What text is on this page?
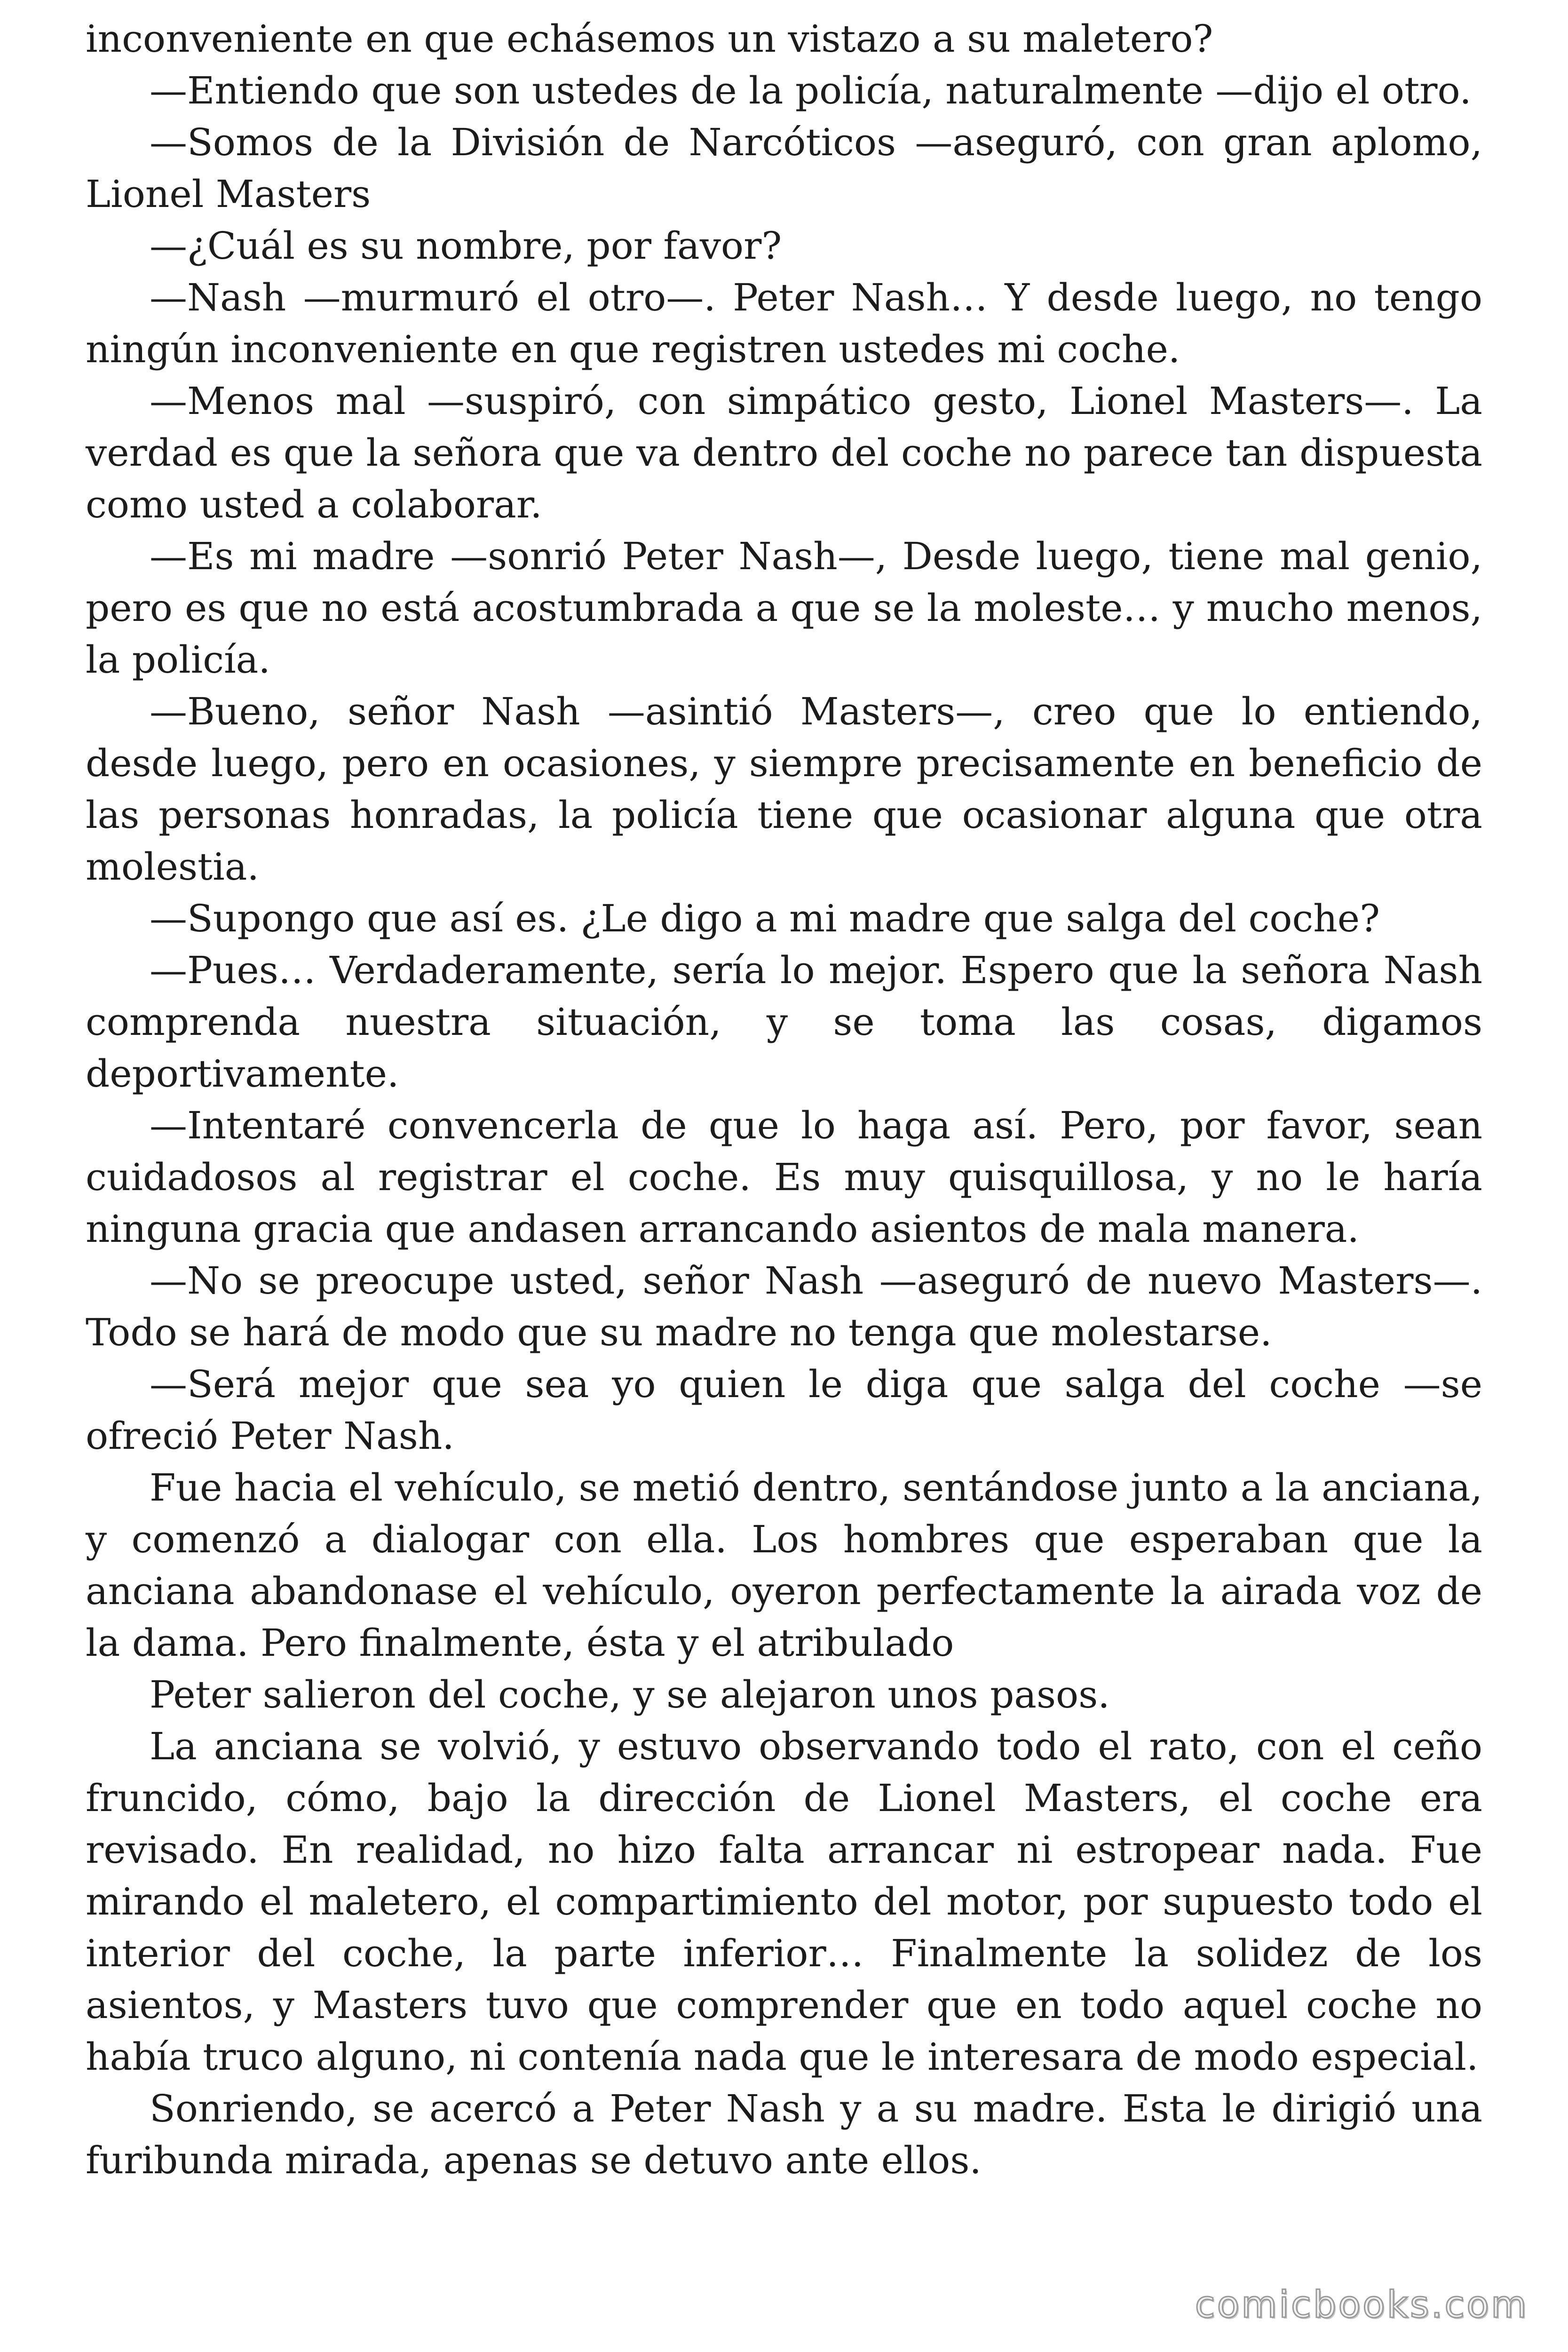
inconveniente en que echásemos un vistazo a su maletero?

—Entiendo que son ustedes de la policía, naturalmente —dijo el otro.

—Somos de la División de Narcóticos —aseguró, con gran aplomo, Lionel Masters

—¿Cuál es su nombre, por favor?

—Nash —murmuró el otro—. Peter Nash… Y desde luego, no tengo ningún inconveniente en que registren ustedes mi coche.

—Menos mal —suspiró, con simpático gesto, Lionel Masters—. La verdad es que la señora que va dentro del coche no parece tan dispuesta como usted a colaborar.

—Es mi madre —sonrió Peter Nash—, Desde luego, tiene mal genio, pero es que no está acostumbrada a que se la moleste… y mucho menos, la policía.

—Bueno, señor Nash —asintió Masters—, creo que lo entiendo, desde luego, pero en ocasiones, y siempre precisamente en beneficio de las personas honradas, la policía tiene que ocasionar alguna que otra molestia.

—Supongo que así es. ¿Le digo a mi madre que salga del coche?

—Pues… Verdaderamente, sería lo mejor. Espero que la señora Nash comprenda nuestra situación, y se toma las cosas, digamos deportivamente.

—Intentaré convencerla de que lo haga así. Pero, por favor, sean cuidadosos al registrar el coche. Es muy quisquillosa, y no le haría ninguna gracia que andasen arrancando asientos de mala manera.

—No se preocupe usted, señor Nash —aseguró de nuevo Masters—. Todo se hará de modo que su madre no tenga que molestarse.

—Será mejor que sea yo quien le diga que salga del coche —se ofreció Peter Nash.

Fue hacia el vehículo, se metió dentro, sentándose junto a la anciana, y comenzó a dialogar con ella. Los hombres que esperaban que la anciana abandonase el vehículo, oyeron perfectamente la airada voz de la dama. Pero finalmente, ésta y el atribulado

Peter salieron del coche, y se alejaron unos pasos.

La anciana se volvió, y estuvo observando todo el rato, con el ceño fruncido, cómo, bajo la dirección de Lionel Masters, el coche era revisado. En realidad, no hizo falta arrancar ni estropear nada. Fue mirando el maletero, el compartimiento del motor, por supuesto todo el interior del coche, la parte inferior… Finalmente la solidez de los asientos, y Masters tuvo que comprender que en todo aquel coche no había truco alguno, ni contenía nada que le interesara de modo especial.

Sonriendo, se acercó a Peter Nash y a su madre. Esta le dirigió una furibunda mirada, apenas se detuvo ante ellos.

comicbooks.com
